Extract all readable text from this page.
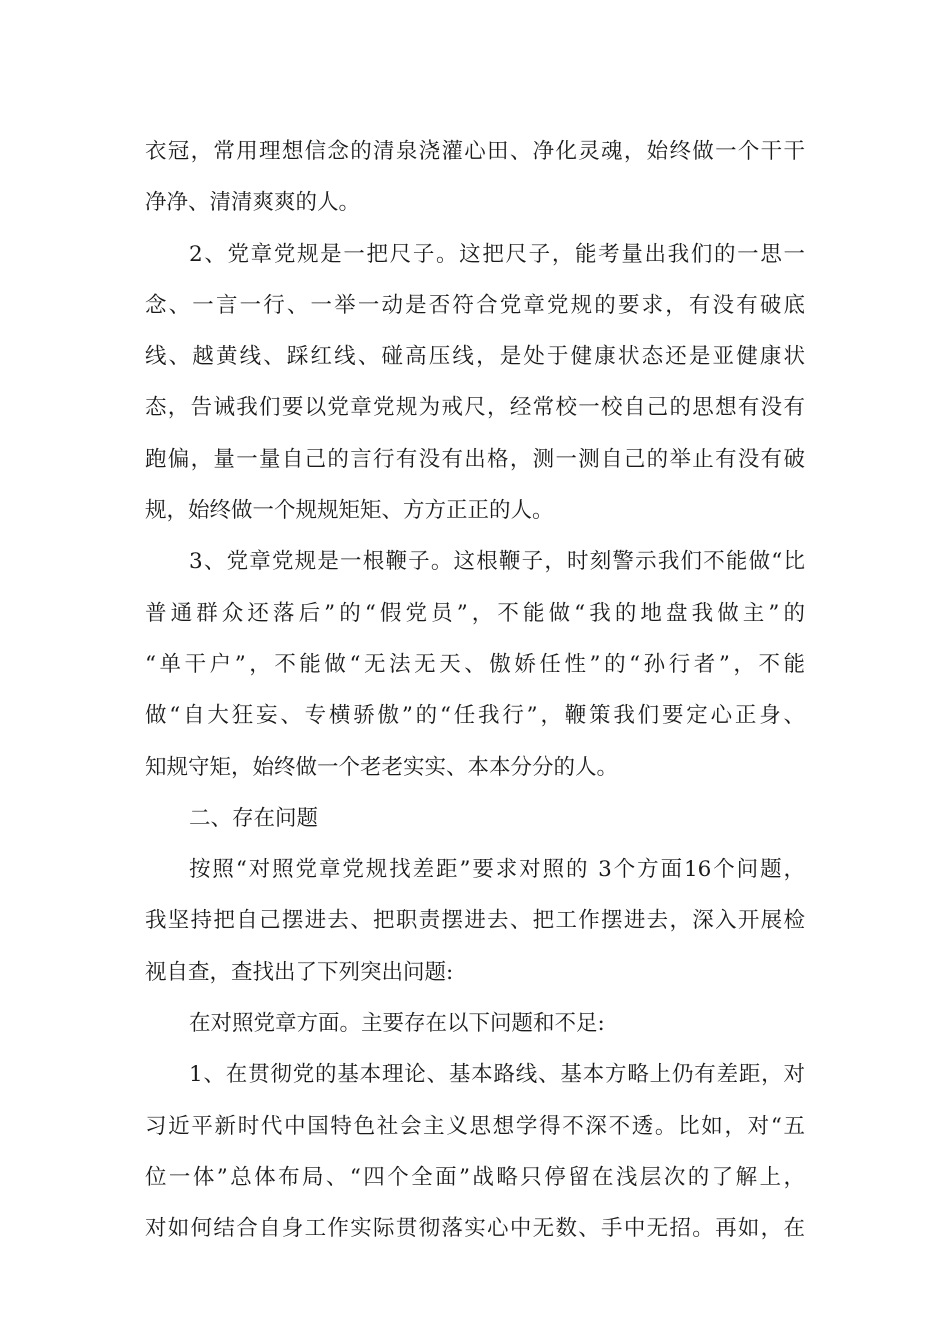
衣冠，常用理想信念的清泉浇灌心田、净化灵魂，始终做一个干干
净净、清清爽爽的人。
2、党章党规是一把尺子。这把尺子，能考量出我们的一思一
念、一言一行、一举一动是否符合党章党规的要求，有没有破底
线、越黄线、踩红线、碰高压线，是处于健康状态还是亚健康状
态，告诫我们要以党章党规为戒尺，经常校一校自己的思想有没有
跑偏，量一量自己的言行有没有出格，测一测自己的举止有没有破
规，始终做一个规规矩矩、方方正正的人。
3、党章党规是一根鞭子。这根鞭子，时刻警示我们不能做“比
普通群众还落后”的“假党员”，不能做“我的地盘我做主”的
“单干户”，不能做“无法无天、傲娇任性”的“孙行者”，不能
做“自大狂妄、专横骄傲”的“任我行”，鞭策我们要定心正身、
知规守矩，始终做一个老老实实、本本分分的人。
二、存在问题
按照“对照党章党规找差距”要求对照的 3个方面16个问题，
我坚持把自己摆进去、把职责摆进去、把工作摆进去，深入开展检
视自查，查找出了下列突出问题:
在对照党章方面。主要存在以下问题和不足:
1、在贯彻党的基本理论、基本路线、基本方略上仍有差距，对
习近平新时代中国特色社会主义思想学得不深不透。比如，对“五
位一体”总体布局、“四个全面”战略只停留在浅层次的了解上，
对如何结合自身工作实际贯彻落实心中无数、手中无招。再如，在
